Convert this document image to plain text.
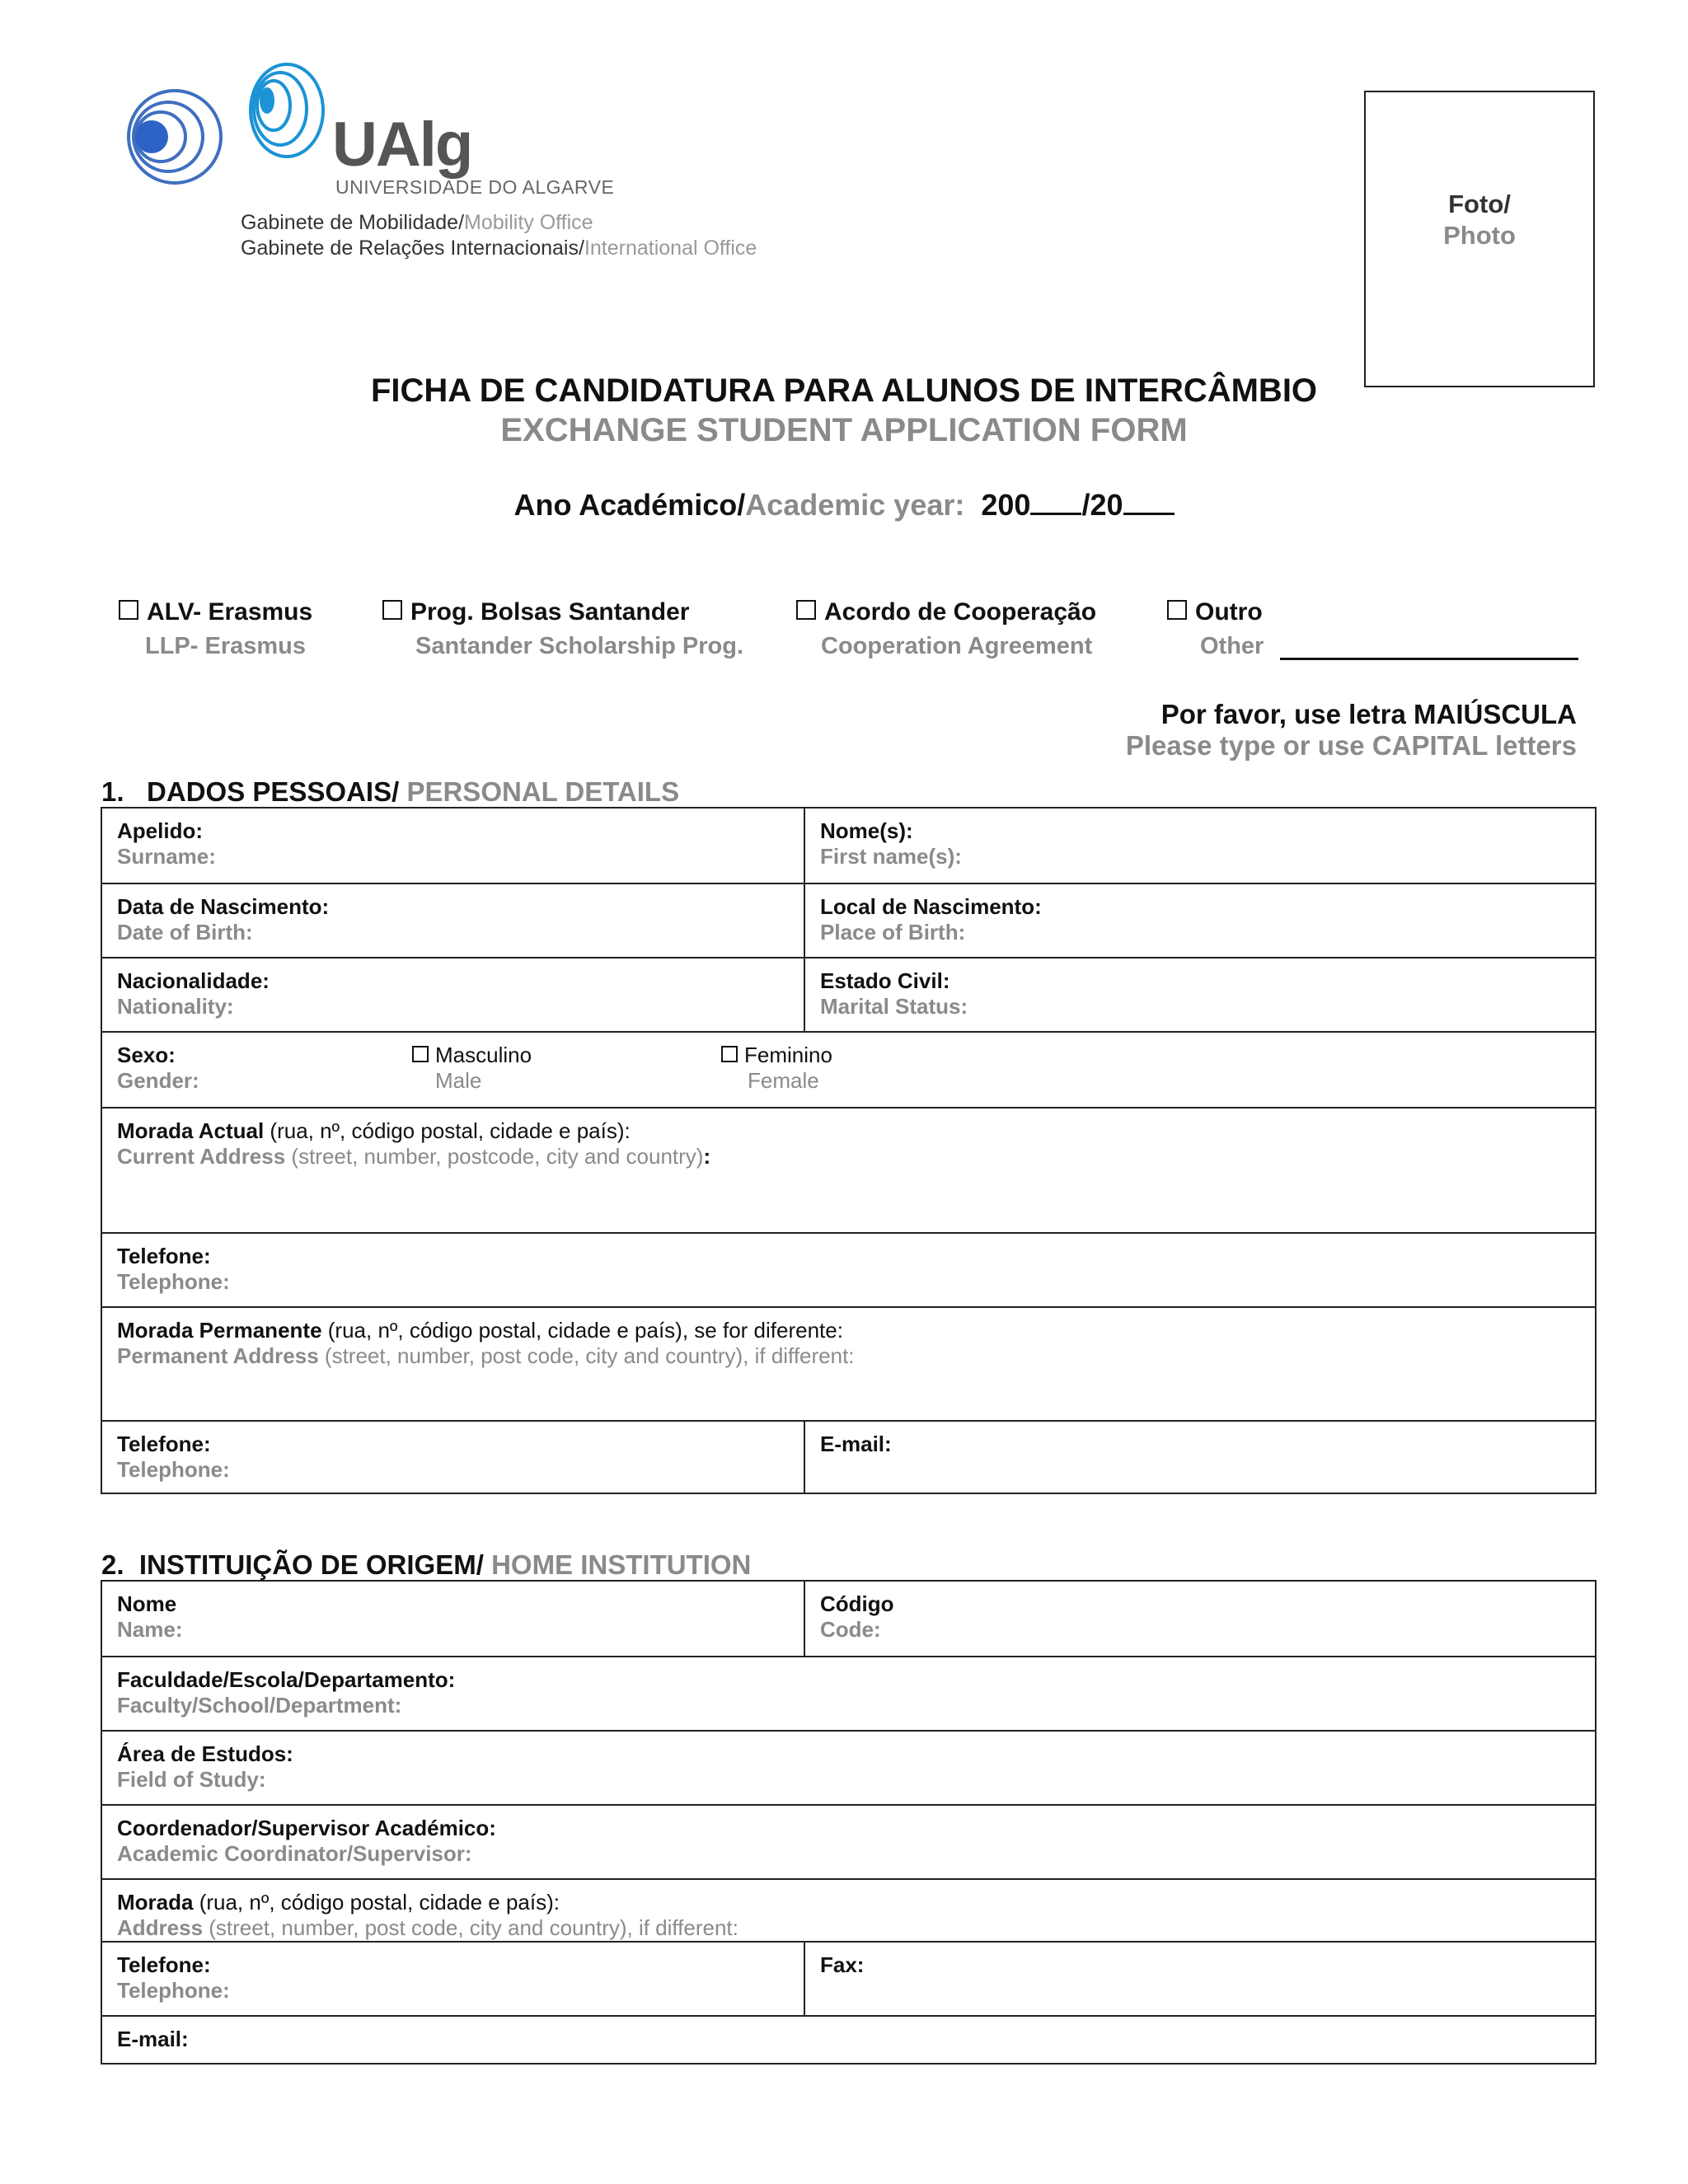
UAlg
UNIVERSIDADE DO ALGARVE
Gabinete de Mobilidade/Mobility Office
Gabinete de Relações Internacionais/International Office
Foto/
Photo
FICHA DE CANDIDATURA PARA ALUNOS DE INTERCÂMBIO
EXCHANGE STUDENT APPLICATION FORM
Ano Académico/Academic year: 200 /20
ALV- Erasmus
LLP- Erasmus
Prog. Bolsas Santander
Santander Scholarship Prog.
Acordo de Cooperação
Cooperation Agreement
Outro
Other
Por favor, use letra MAIÚSCULA
Please type or use CAPITAL letters
1. DADOS PESSOAIS/ PERSONAL DETAILS
Apelido:
Surname:
Nome(s):
First name(s):
Data de Nascimento:
Date of Birth:
Local de Nascimento:
Place of Birth:
Nacionalidade:
Nationality:
Estado Civil:
Marital Status:
Sexo:
Gender:
Masculino
Male
Feminino
Female
Morada Actual (rua, nº, código postal, cidade e país):
Current Address (street, number, postcode, city and country):
Telefone:
Telephone:
Morada Permanente (rua, nº, código postal, cidade e país), se for diferente:
Permanent Address (street, number, post code, city and country), if different:
Telefone:
Telephone:
E-mail:
2. INSTITUIÇÃO DE ORIGEM/ HOME INSTITUTION
Nome
Name:
Código
Code:
Faculdade/Escola/Departamento:
Faculty/School/Department:
Área de Estudos:
Field of Study:
Coordenador/Supervisor Académico:
Academic Coordinator/Supervisor:
Morada (rua, nº, código postal, cidade e país):
Address (street, number, post code, city and country), if different:
Telefone:
Telephone:
Fax:
E-mail:
